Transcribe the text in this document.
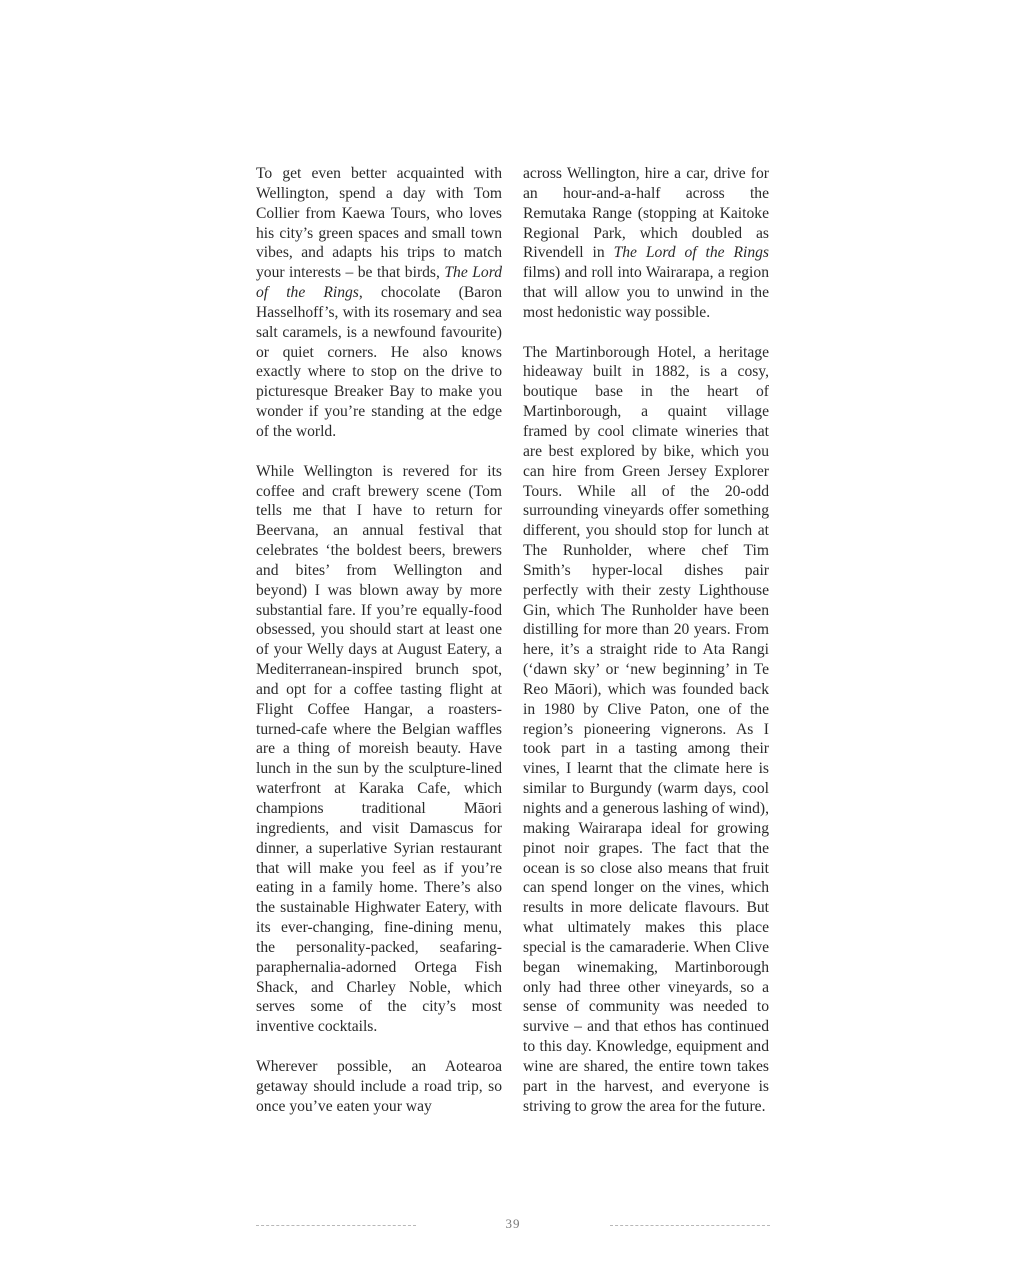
To get even better acquainted with Wellington, spend a day with Tom Collier from Kaewa Tours, who loves his city’s green spaces and small town vibes, and adapts his trips to match your interests – be that birds, The Lord of the Rings, chocolate (Baron Hasselhoff’s, with its rosemary and sea salt caramels, is a newfound favourite) or quiet corners. He also knows exactly where to stop on the drive to picturesque Breaker Bay to make you wonder if you’re standing at the edge of the world.

While Wellington is revered for its coffee and craft brewery scene (Tom tells me that I have to return for Beervana, an annual festival that celebrates ‘the boldest beers, brewers and bites’ from Wellington and beyond) I was blown away by more substantial fare. If you’re equally-food obsessed, you should start at least one of your Welly days at August Eatery, a Mediterranean-inspired brunch spot, and opt for a coffee tasting flight at Flight Coffee Hangar, a roasters-turned-cafe where the Belgian waffles are a thing of moreish beauty. Have lunch in the sun by the sculpture-lined waterfront at Karaka Cafe, which champions traditional Māori ingredients, and visit Damascus for dinner, a superlative Syrian restaurant that will make you feel as if you’re eating in a family home. There’s also the sustainable Highwater Eatery, with its ever-changing, fine-dining menu, the personality-packed, seafaring-paraphernalia-adorned Ortega Fish Shack, and Charley Noble, which serves some of the city’s most inventive cocktails.

Wherever possible, an Aotearoa getaway should include a road trip, so once you’ve eaten your way

across Wellington, hire a car, drive for an hour-and-a-half across the Remutaka Range (stopping at Kaitoke Regional Park, which doubled as Rivendell in The Lord of the Rings films) and roll into Wairarapa, a region that will allow you to unwind in the most hedonistic way possible.

The Martinborough Hotel, a heritage hideaway built in 1882, is a cosy, boutique base in the heart of Martinborough, a quaint village framed by cool climate wineries that are best explored by bike, which you can hire from Green Jersey Explorer Tours. While all of the 20-odd surrounding vineyards offer something different, you should stop for lunch at The Runholder, where chef Tim Smith’s hyper-local dishes pair perfectly with their zesty Lighthouse Gin, which The Runholder have been distilling for more than 20 years. From here, it’s a straight ride to Ata Rangi (‘dawn sky’ or ‘new beginning’ in Te Reo Māori), which was founded back in 1980 by Clive Paton, one of the region’s pioneering vignerons. As I took part in a tasting among their vines, I learnt that the climate here is similar to Burgundy (warm days, cool nights and a generous lashing of wind), making Wairarapa ideal for growing pinot noir grapes. The fact that the ocean is so close also means that fruit can spend longer on the vines, which results in more delicate flavours. But what ultimately makes this place special is the camaraderie. When Clive began winemaking, Martinborough only had three other vineyards, so a sense of community was needed to survive – and that ethos has continued to this day. Knowledge, equipment and wine are shared, the entire town takes part in the harvest, and everyone is striving to grow the area for the future.

39
